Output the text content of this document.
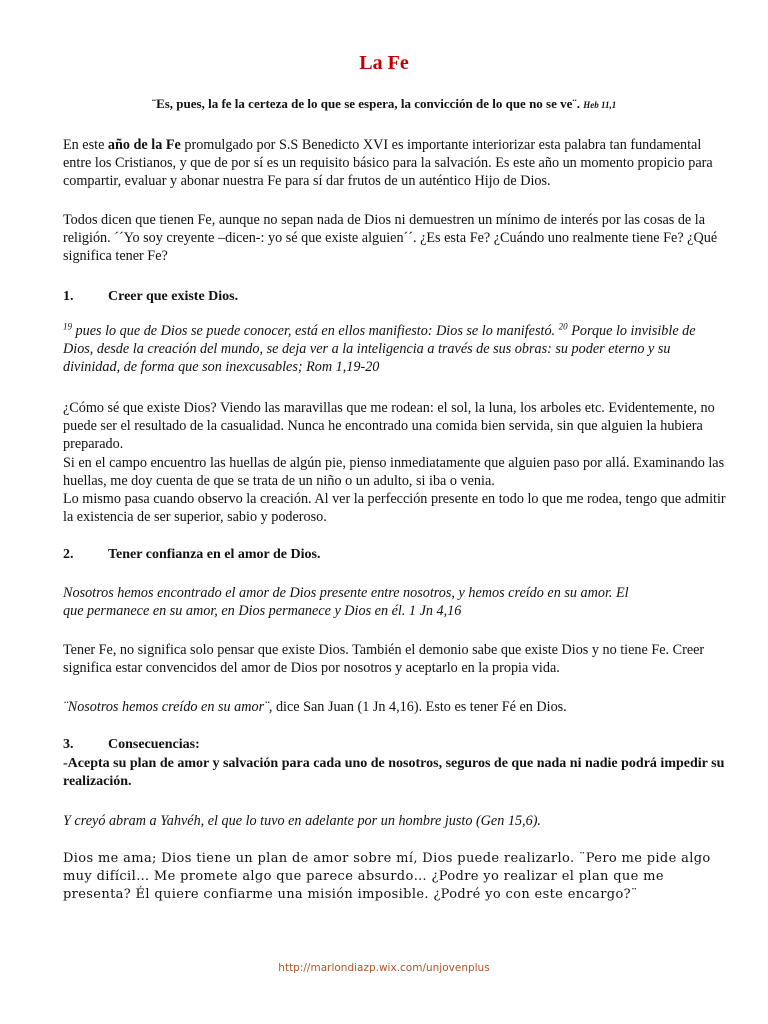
La Fe

¨Es, pues, la fe la certeza de lo que se espera, la convicción de lo que no se ve¨. Heb 11,1

En este año de la Fe promulgado por S.S Benedicto XVI es importante interiorizar esta palabra tan fundamental entre los Cristianos, y que de por sí es un requisito básico para la salvación. Es este año un momento propicio para compartir, evaluar y abonar nuestra Fe para sí dar frutos de un auténtico Hijo de Dios.

Todos dicen que tienen Fe, aunque no sepan nada de Dios ni demuestren un mínimo de interés por las cosas de la religión. ´´Yo soy creyente –dicen-: yo sé que existe alguien´´. ¿Es esta Fe? ¿Cuándo uno realmente tiene Fe? ¿Qué significa tener Fe?

1. Creer que existe Dios.

$^{19}$ pues lo que de Dios se puede conocer, está en ellos manifiesto: Dios se lo manifestó. $^{20}$ Porque lo invisible de Dios, desde la creación del mundo, se deja ver a la inteligencia a través de sus obras: su poder eterno y su divinidad, de forma que son inexcusables; Rom 1,19-20

¿Cómo sé que existe Dios? Viendo las maravillas que me rodean: el sol, la luna, los arboles etc. Evidentemente, no puede ser el resultado de la casualidad. Nunca he encontrado una comida bien servida, sin que alguien la hubiera preparado.

Si en el campo encuentro las huellas de algún pie, pienso inmediatamente que alguien paso por allá. Examinando las huellas, me doy cuenta de que se trata de un niño o un adulto, si iba o venia.

Lo mismo pasa cuando observo la creación. Al ver la perfección presente en todo lo que me rodea, tengo que admitir la existencia de ser superior, sabio y poderoso.

2. Tener confianza en el amor de Dios.

Nosotros hemos encontrado el amor de Dios presente entre nosotros, y hemos creído en su amor. El
que permanece en su amor, en Dios permanece y Dios en él. 1 Jn 4,16

Tener Fe, no significa solo pensar que existe Dios. También el demonio sabe que existe Dios y no tiene Fe. Creer significa estar convencidos del amor de Dios por nosotros y aceptarlo en la propia vida.

¨Nosotros hemos creído en su amor¨, dice San Juan (1 Jn 4,16). Esto es tener Fé en Dios.

3. Consecuencias:

-Acepta su plan de amor y salvación para cada uno de nosotros, seguros de que nada ni nadie podrá impedir su realización.

Y creyó abram a Yahvéh, el que lo tuvo en adelante por un hombre justo (Gen 15,6).

Dios me ama; Dios tiene un plan de amor sobre mí, Dios puede realizarlo. ¨Pero me pide algo muy difícil… Me promete algo que parece absurdo… ¿Podre yo realizar el plan que me presenta? Él quiere confiarme una misión imposible. ¿Podré yo con este encargo?¨

http://marlondiazp.wix.com/unjovenplus
